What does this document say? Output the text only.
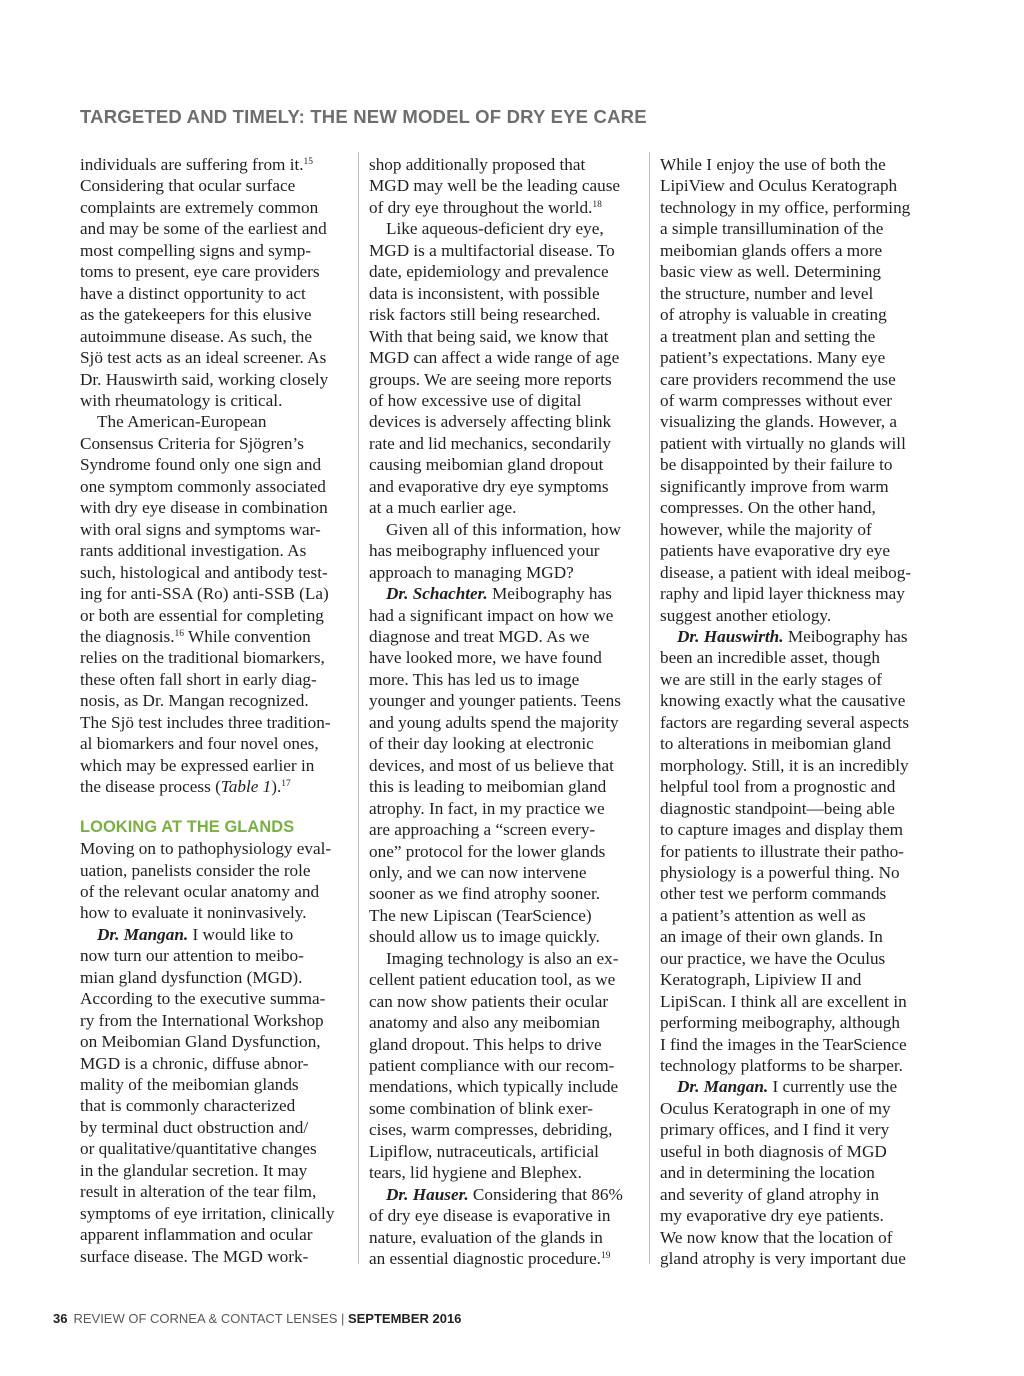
TARGETED AND TIMELY: THE NEW MODEL OF DRY EYE CARE
individuals are suffering from it.$^{15}$
Considering that ocular surface
complaints are extremely common
and may be some of the earliest and
most compelling signs and symp-
toms to present, eye care providers
have a distinct opportunity to act
as the gatekeepers for this elusive
autoimmune disease. As such, the
Sjö test acts as an ideal screener. As
Dr. Hauswirth said, working closely
with rheumatology is critical.
The American-European
Consensus Criteria for Sjögren’s
Syndrome found only one sign and
one symptom commonly associated
with dry eye disease in combination
with oral signs and symptoms war-
rants additional investigation. As
such, histological and antibody test-
ing for anti-SSA (Ro) anti-SSB (La)
or both are essential for completing
the diagnosis.$^{16}$ While convention
relies on the traditional biomarkers,
these often fall short in early diag-
nosis, as Dr. Mangan recognized.
The Sjö test includes three tradition-
al biomarkers and four novel ones,
which may be expressed earlier in
the disease process (Table 1).$^{17}$
LOOKING AT THE GLANDS
Moving on to pathophysiology eval-
uation, panelists consider the role
of the relevant ocular anatomy and
how to evaluate it noninvasively.
Dr. Mangan. I would like to
now turn our attention to meibo-
mian gland dysfunction (MGD).
According to the executive summa-
ry from the International Workshop
on Meibomian Gland Dysfunction,
MGD is a chronic, diffuse abnor-
mality of the meibomian glands
that is commonly characterized
by terminal duct obstruction and/
or qualitative/quantitative changes
in the glandular secretion. It may
result in alteration of the tear film,
symptoms of eye irritation, clinically
apparent inflammation and ocular
surface disease. The MGD work-
shop additionally proposed that
MGD may well be the leading cause
of dry eye throughout the world.$^{18}$
Like aqueous-deficient dry eye,
MGD is a multifactorial disease. To
date, epidemiology and prevalence
data is inconsistent, with possible
risk factors still being researched.
With that being said, we know that
MGD can affect a wide range of age
groups. We are seeing more reports
of how excessive use of digital
devices is adversely affecting blink
rate and lid mechanics, secondarily
causing meibomian gland dropout
and evaporative dry eye symptoms
at a much earlier age.
Given all of this information, how
has meibography influenced your
approach to managing MGD?
Dr. Schachter. Meibography has
had a significant impact on how we
diagnose and treat MGD. As we
have looked more, we have found
more. This has led us to image
younger and younger patients. Teens
and young adults spend the majority
of their day looking at electronic
devices, and most of us believe that
this is leading to meibomian gland
atrophy. In fact, in my practice we
are approaching a “screen every-
one” protocol for the lower glands
only, and we can now intervene
sooner as we find atrophy sooner.
The new Lipiscan (TearScience)
should allow us to image quickly.
Imaging technology is also an ex-
cellent patient education tool, as we
can now show patients their ocular
anatomy and also any meibomian
gland dropout. This helps to drive
patient compliance with our recom-
mendations, which typically include
some combination of blink exer-
cises, warm compresses, debriding,
Lipiflow, nutraceuticals, artificial
tears, lid hygiene and Blephex.
Dr. Hauser. Considering that 86%
of dry eye disease is evaporative in
nature, evaluation of the glands in
an essential diagnostic procedure.$^{19}$
While I enjoy the use of both the
LipiView and Oculus Keratograph
technology in my office, performing
a simple transillumination of the
meibomian glands offers a more
basic view as well. Determining
the structure, number and level
of atrophy is valuable in creating
a treatment plan and setting the
patient’s expectations. Many eye
care providers recommend the use
of warm compresses without ever
visualizing the glands. However, a
patient with virtually no glands will
be disappointed by their failure to
significantly improve from warm
compresses. On the other hand,
however, while the majority of
patients have evaporative dry eye
disease, a patient with ideal meibog-
raphy and lipid layer thickness may
suggest another etiology.
Dr. Hauswirth. Meibography has
been an incredible asset, though
we are still in the early stages of
knowing exactly what the causative
factors are regarding several aspects
to alterations in meibomian gland
morphology. Still, it is an incredibly
helpful tool from a prognostic and
diagnostic standpoint—being able
to capture images and display them
for patients to illustrate their patho-
physiology is a powerful thing. No
other test we perform commands
a patient’s attention as well as
an image of their own glands. In
our practice, we have the Oculus
Keratograph, Lipiview II and
LipiScan. I think all are excellent in
performing meibography, although
I find the images in the TearScience
technology platforms to be sharper.
Dr. Mangan. I currently use the
Oculus Keratograph in one of my
primary offices, and I find it very
useful in both diagnosis of MGD
and in determining the location
and severity of gland atrophy in
my evaporative dry eye patients.
We now know that the location of
gland atrophy is very important due
36 REVIEW OF CORNEA & CONTACT LENSES | SEPTEMBER 2016
